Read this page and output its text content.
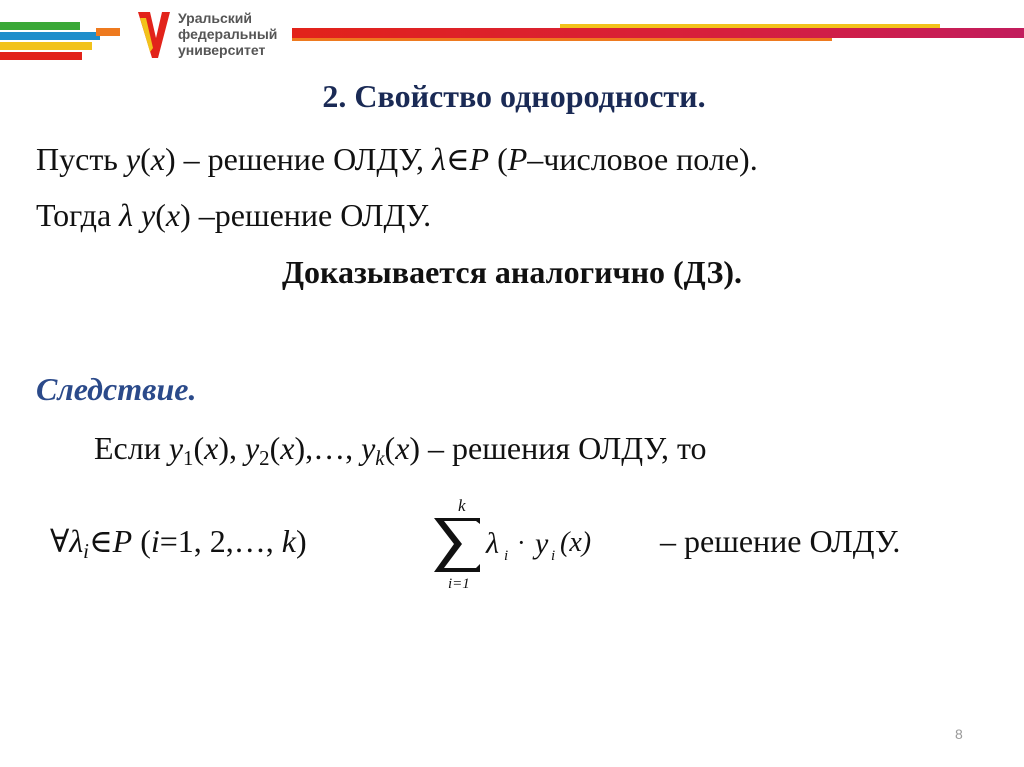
Уральский
федеральный
университет
2. Свойство однородности.
Пусть y(x) – решение ОЛДУ, λ∈P (P–числовое поле).
Тогда λ y(x) –решение ОЛДУ.
Доказывается аналогично (ДЗ).
Следствие.
Если $y_1(x)$, $y_2(x),\dots$, $y_k(x)$ – решения ОЛДУ, то
$\forall\lambda_i\in P$ (i=1, 2,…, k)
k
i=1
λ i · y i (x) – решение ОЛДУ.
8
